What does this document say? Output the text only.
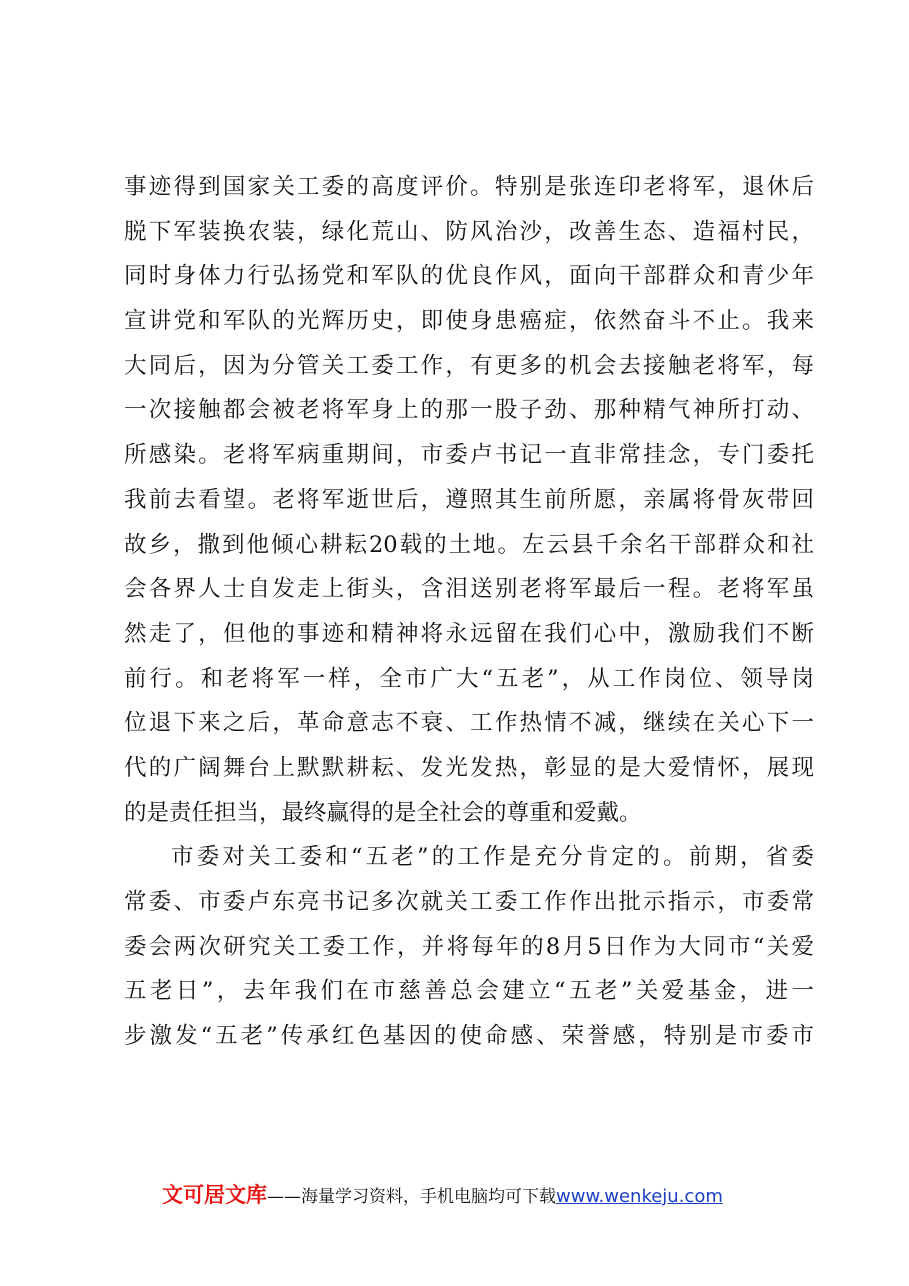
事迹得到国家关工委的高度评价。特别是张连印老将军，退休后
脱下军装换农装，绿化荒山、防风治沙，改善生态、造福村民，
同时身体力行弘扬党和军队的优良作风，面向干部群众和青少年
宣讲党和军队的光辉历史，即使身患癌症，依然奋斗不止。我来
大同后，因为分管关工委工作，有更多的机会去接触老将军，每
一次接触都会被老将军身上的那一股子劲、那种精气神所打动、
所感染。老将军病重期间，市委卢书记一直非常挂念，专门委托
我前去看望。老将军逝世后，遵照其生前所愿，亲属将骨灰带回
故乡，撒到他倾心耕耘20载的土地。左云县千余名干部群众和社
会各界人士自发走上街头，含泪送别老将军最后一程。老将军虽
然走了，但他的事迹和精神将永远留在我们心中，激励我们不断
前行。和老将军一样，全市广大“五老”，从工作岗位、领导岗
位退下来之后，革命意志不衰、工作热情不减，继续在关心下一
代的广阔舞台上默默耕耘、发光发热，彰显的是大爱情怀，展现
的是责任担当，最终赢得的是全社会的尊重和爱戴。
市委对关工委和“五老”的工作是充分肯定的。前期，省委
常委、市委卢东亮书记多次就关工委工作作出批示指示，市委常
委会两次研究关工委工作，并将每年的8月5日作为大同市“关爱
五老日”，去年我们在市慈善总会建立“五老”关爱基金，进一
步激发“五老”传承红色基因的使命感、荣誉感，特别是市委市
文可居文库——海量学习资料，手机电脑均可下载www.wenkeju.com
